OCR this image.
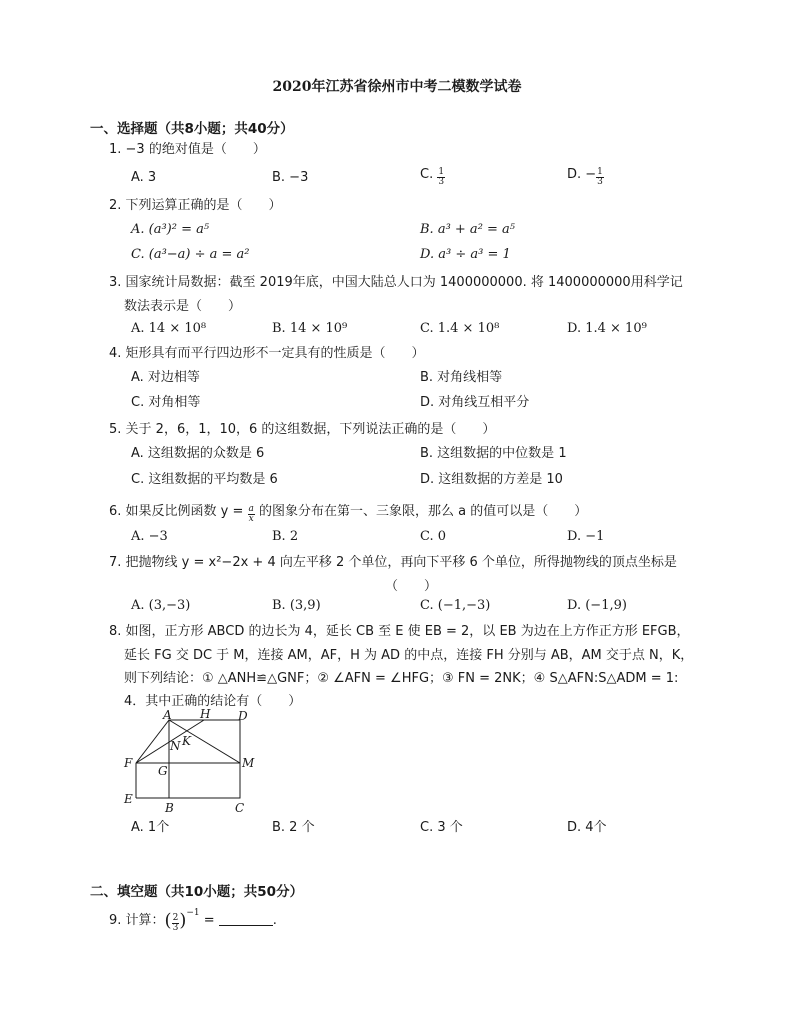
2020年江苏省徐州市中考二模数学试卷
一、选择题（共8小题；共40分）
1. −3 的绝对值是（　　）
A. 3	B. −3	C. $\frac{1}{3}$	D. − $\frac{1}{3}$
2. 下列运算正确的是（　　）
A. (a³)² = a⁵	B. a³ + a² = a⁵
C. (a³−a) ÷ a = a²	D. a³ ÷ a³ = 1
3. 国家统计局数据：截至 2019年底，中国大陆总人口为 1400000000. 将 1400000000用科学记
数法表示是（　　）
A. 14 × 10⁸	B. 14 × 10⁹	C. 1.4 × 10⁸	D. 1.4 × 10⁹
4. 矩形具有而平行四边形不一定具有的性质是（　　）
A. 对边相等	B. 对角线相等
C. 对角相等	D. 对角线互相平分
5. 关于 2，6，1，10，6 的这组数据，下列说法正确的是（　　）
A. 这组数据的众数是 6	B. 这组数据的中位数是 1
C. 这组数据的平均数是 6	D. 这组数据的方差是 10
6. 如果反比例函数 $y = \frac{a}{x}$ 的图象分布在第一、三象限，那么 a 的值可以是（　　）
A. −3	B. 2	C. 0	D. −1
7. 把抛物线 y = x²−2x + 4 向左平移 2 个单位，再向下平移 6 个单位，所得抛物线的顶点坐标是
（　　）
A. (3,−3)	B. (3,9)	C. (−1,−3)	D. (−1,9)
8. 如图，正方形 ABCD 的边长为 4，延长 CB 至 E 使 EB = 2，以 EB 为边在上方作正方形 EFGB，
延长 FG 交 DC 于 M，连接 AM，AF，H 为 AD 的中点，连接 FH 分别与 AB，AM 交于点 N，K，
则下列结论：① △ANH≌△GNF；② ∠AFN = ∠HFG；③ FN = 2NK；④ S△AFN:S△ADM = 1:
4．其中正确的结论有（　　）
A H D
N K
F
G
M
E
B	C
A. 1个	B. 2 个	C. 3 个	D. 4个
二、填空题（共10小题；共50分）
9. 计算：( $\frac{2}{3} )^{-1}$ =	.
